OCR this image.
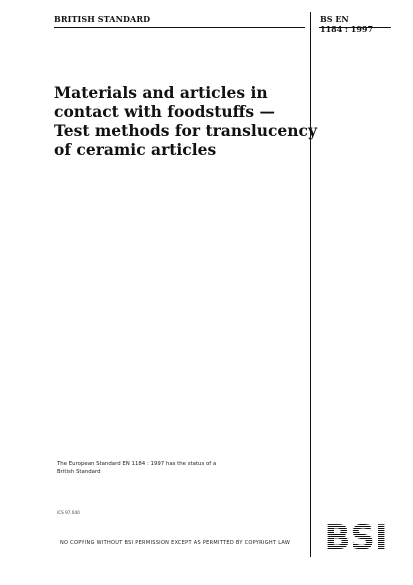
BRITISH STANDARD	BS EN
1184 : 1997
Materials and articles in
contact with foodstuffs —
Test methods for translucency
of ceramic articles
The European Standard EN 1184 : 1997 has the status of a
British Standard
ICS 97.040
NO COPYING WITHOUT BSI PERMISSION EXCEPT AS PERMITTED BY COPYRIGHT LAW
